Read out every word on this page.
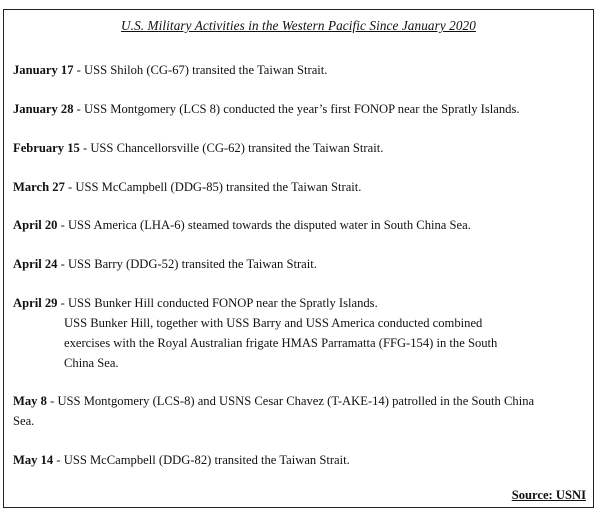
U.S. Military Activities in the Western Pacific Since January 2020
January 17 - USS Shiloh (CG-67) transited the Taiwan Strait.
January 28 - USS Montgomery (LCS 8) conducted the year’s first FONOP near the Spratly Islands.
February 15 - USS Chancellorsville (CG-62) transited the Taiwan Strait.
March 27 - USS McCampbell (DDG-85) transited the Taiwan Strait.
April 20 - USS America (LHA-6) steamed towards the disputed water in South China Sea.
April 24 - USS Barry (DDG-52) transited the Taiwan Strait.
April 29 - USS Bunker Hill conducted FONOP near the Spratly Islands.
USS Bunker Hill, together with USS Barry and USS America conducted combined
exercises with the Royal Australian frigate HMAS Parramatta (FFG-154) in the South
China Sea.
May 8 - USS Montgomery (LCS-8) and USNS Cesar Chavez (T-AKE-14) patrolled in the South China
Sea.
May 14 - USS McCampbell (DDG-82) transited the Taiwan Strait.
Source: USNI
